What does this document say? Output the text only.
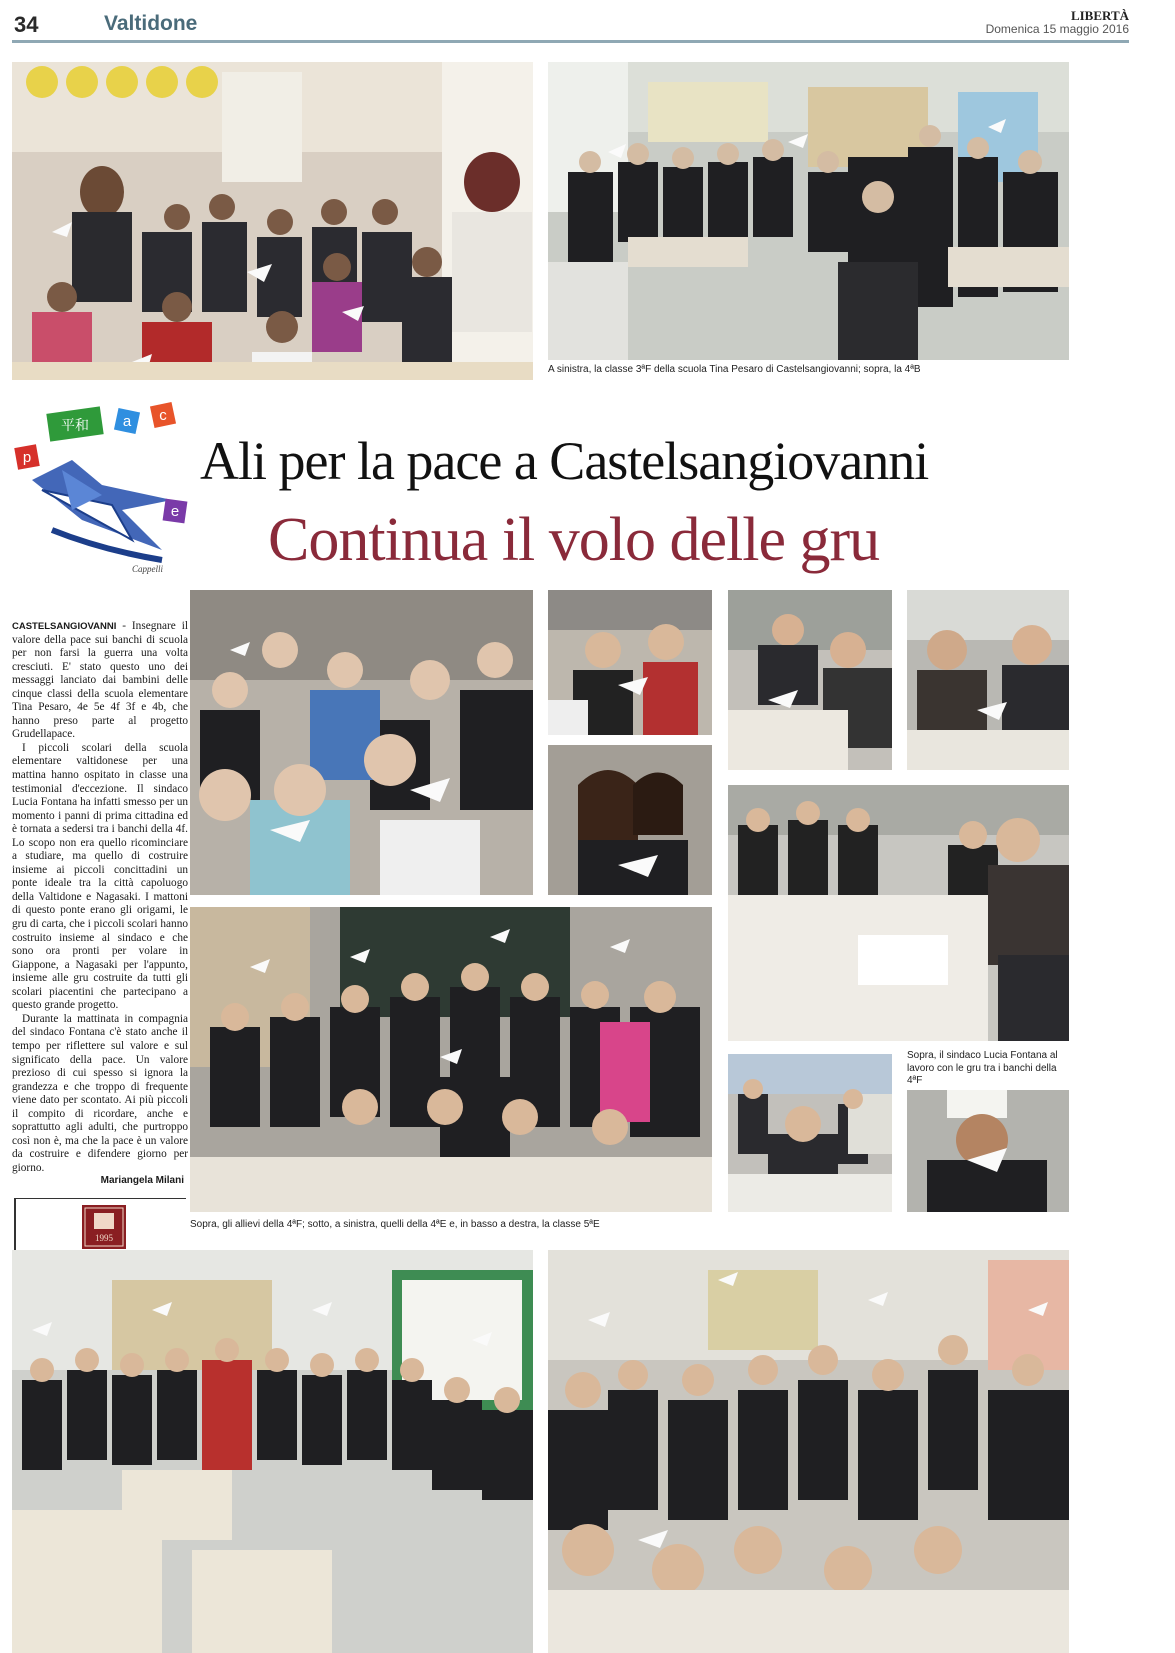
34	Valtidone	LIBERTÀ
Domenica 15 maggio 2016
A sinistra, la classe 3ªF della scuola Tina Pesaro di Castelsangiovanni; sopra, la 4ªB
p
平和 a c
e
Cappelli
Ali per la pace a Castelsangiovanni
Continua il volo delle gru

CASTELSANGIOVANNI - Insegnare il valore della pace sui banchi di scuola per non farsi la guerra una volta cresciuti. E' stato questo uno dei messaggi lanciato dai bambini delle cinque classi della scuola elementare Tina Pesaro, 4e 5e 4f 3f e 4b, che hanno preso parte al progetto Grudellapace.

I piccoli scolari della scuola elementare valtidonese per una mattina hanno ospitato in classe una testimonial d'eccezione. Il sindaco Lucia Fontana ha infatti smesso per un momento i panni di prima cittadina ed è tornata a sedersi tra i banchi della 4f. Lo scopo non era quello ricominciare a studiare, ma quello di costruire insieme ai piccoli concittadini un ponte ideale tra la città capoluogo della Valtidone e Nagasaki. I mattoni di questo ponte erano gli origami, le gru di carta, che i piccoli scolari hanno costruito insieme al sindaco e che sono ora pronti per volare in Giappone, a Nagasaki per l'appunto, insieme alle gru costruite da tutti gli scolari piacentini che partecipano a questo grande progetto.

Durante la mattinata in compagnia del sindaco Fontana c'è stato anche il tempo per riflettere sul valore e sul significato della pace. Un valore prezioso di cui spesso si ignora la grandezza e che troppo di frequente viene dato per scontato. Ai più piccoli il compito di ricordare, anche e soprattutto agli adulti, che purtroppo così non è, ma che la pace è un valore da costruire e difendere giorno per giorno.

Mariangela Milani
1995
Sopra, il sindaco Lucia Fontana al lavoro con le gru tra i banchi della 4ªF
Sopra, gli allievi della 4ªF; sotto, a sinistra, quelli della 4ªE e, in basso a destra, la classe 5ªE
